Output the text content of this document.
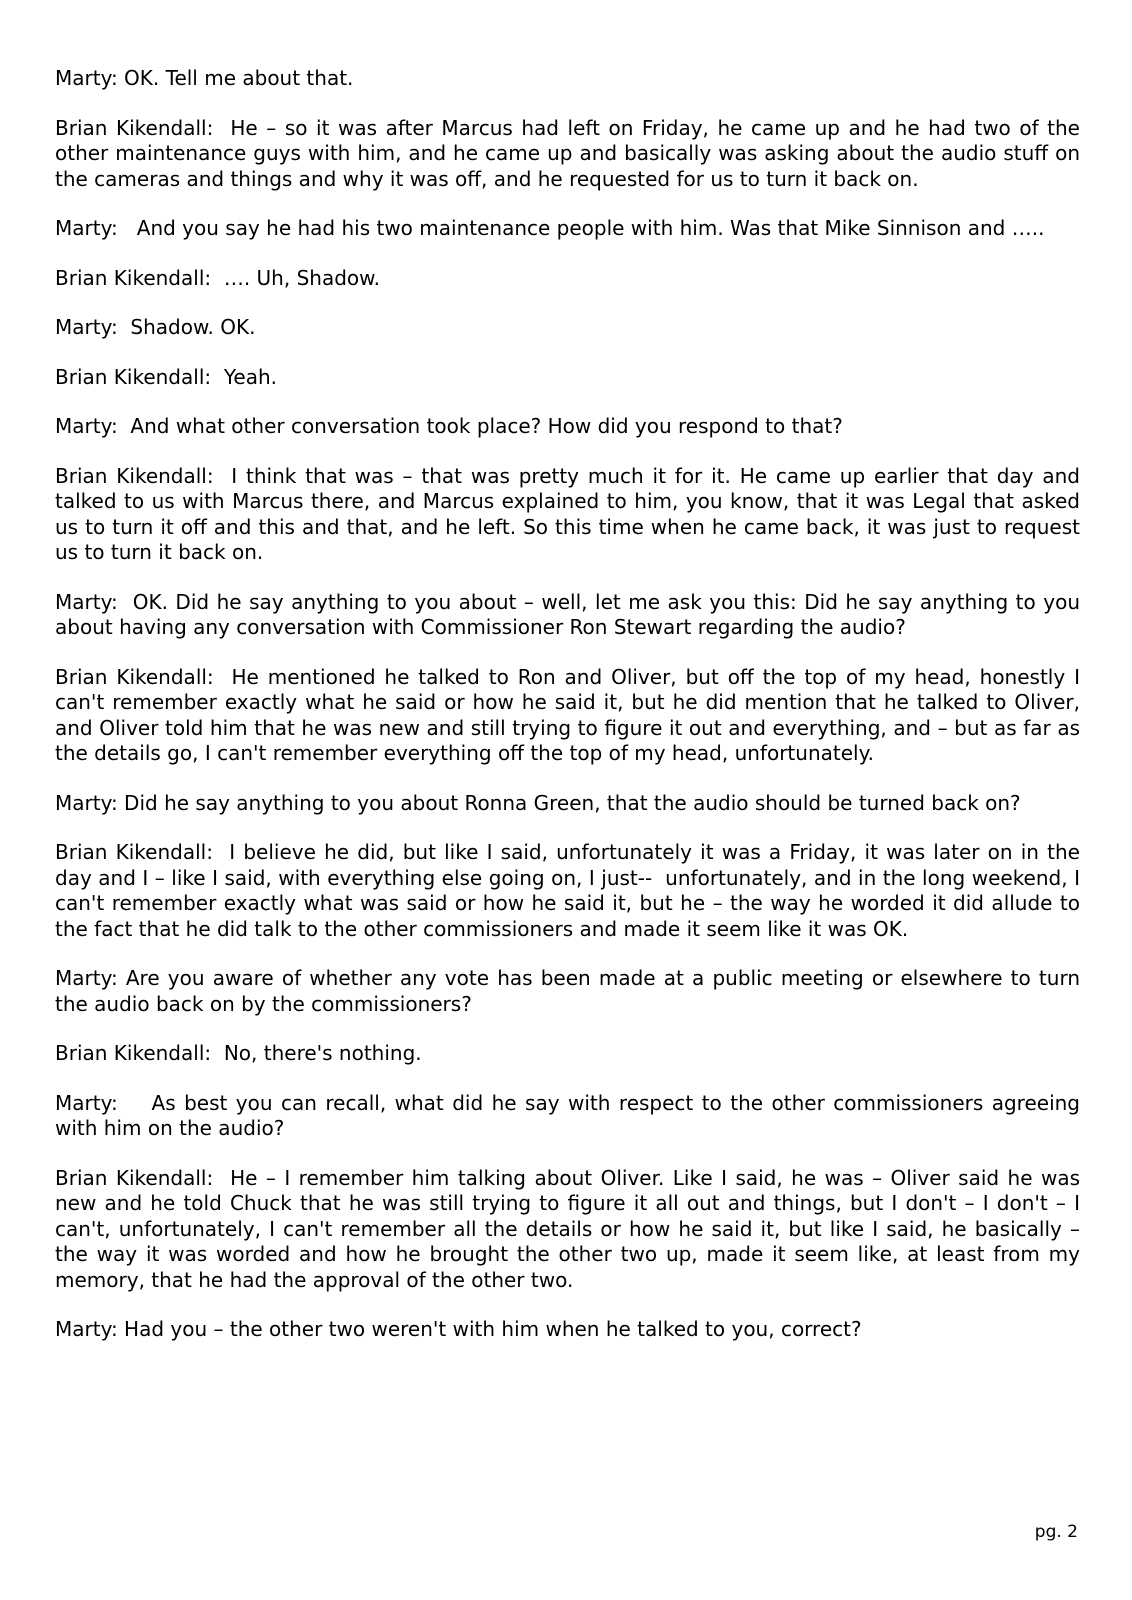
Marty: OK. Tell me about that.

Brian Kikendall:  He – so it was after Marcus had left on Friday, he came up and he had two of the other maintenance guys with him, and he came up and basically was asking about the audio stuff on the cameras and things and why it was off, and he requested for us to turn it back on.

Marty:   And you say he had his two maintenance people with him. Was that Mike Sinnison and …..

Brian Kikendall:  …. Uh, Shadow.

Marty:  Shadow. OK.

Brian Kikendall:  Yeah.

Marty:  And what other conversation took place? How did you respond to that?

Brian Kikendall:  I think that was – that was pretty much it for it. He came up earlier that day and talked to us with Marcus there, and Marcus explained to him, you know, that it was Legal that asked us to turn it off and this and that, and he left. So this time when he came back, it was just to request us to turn it back on.

Marty:  OK. Did he say anything to you about – well, let me ask you this: Did he say anything to you about having any conversation with Commissioner Ron Stewart regarding the audio?

Brian Kikendall:  He mentioned he talked to Ron and Oliver, but off the top of my head, honestly I can't remember exactly what he said or how he said it, but he did mention that he talked to Oliver, and Oliver told him that he was new and still trying to figure it out and everything, and – but as far as the details go, I can't remember everything off the top of my head, unfortunately.

Marty: Did he say anything to you about Ronna Green, that the audio should be turned back on?

Brian Kikendall:  I believe he did, but like I said, unfortunately it was a Friday, it was later on in the day and I – like I said, with everything else going on, I just--  unfortunately, and in the long weekend, I can't remember exactly what was said or how he said it, but he – the way he worded it did allude to the fact that he did talk to the other commissioners and made it seem like it was OK.

Marty: Are you aware of whether any vote has been made at a public meeting or elsewhere to turn the audio back on by the commissioners?

Brian Kikendall:  No, there's nothing.

Marty:    As best you can recall, what did he say with respect to the other commissioners agreeing with him on the audio?

Brian Kikendall:  He – I remember him talking about Oliver. Like I said, he was – Oliver said he was new and he told Chuck that he was still trying to figure it all out and things, but I don't – I don't – I can't, unfortunately, I can't remember all the details or how he said it, but like I said, he basically – the way it was worded and how he brought the other two up, made it seem like, at least from my memory, that he had the approval of the other two.

Marty: Had you – the other two weren't with him when he talked to you, correct?

pg. 2
